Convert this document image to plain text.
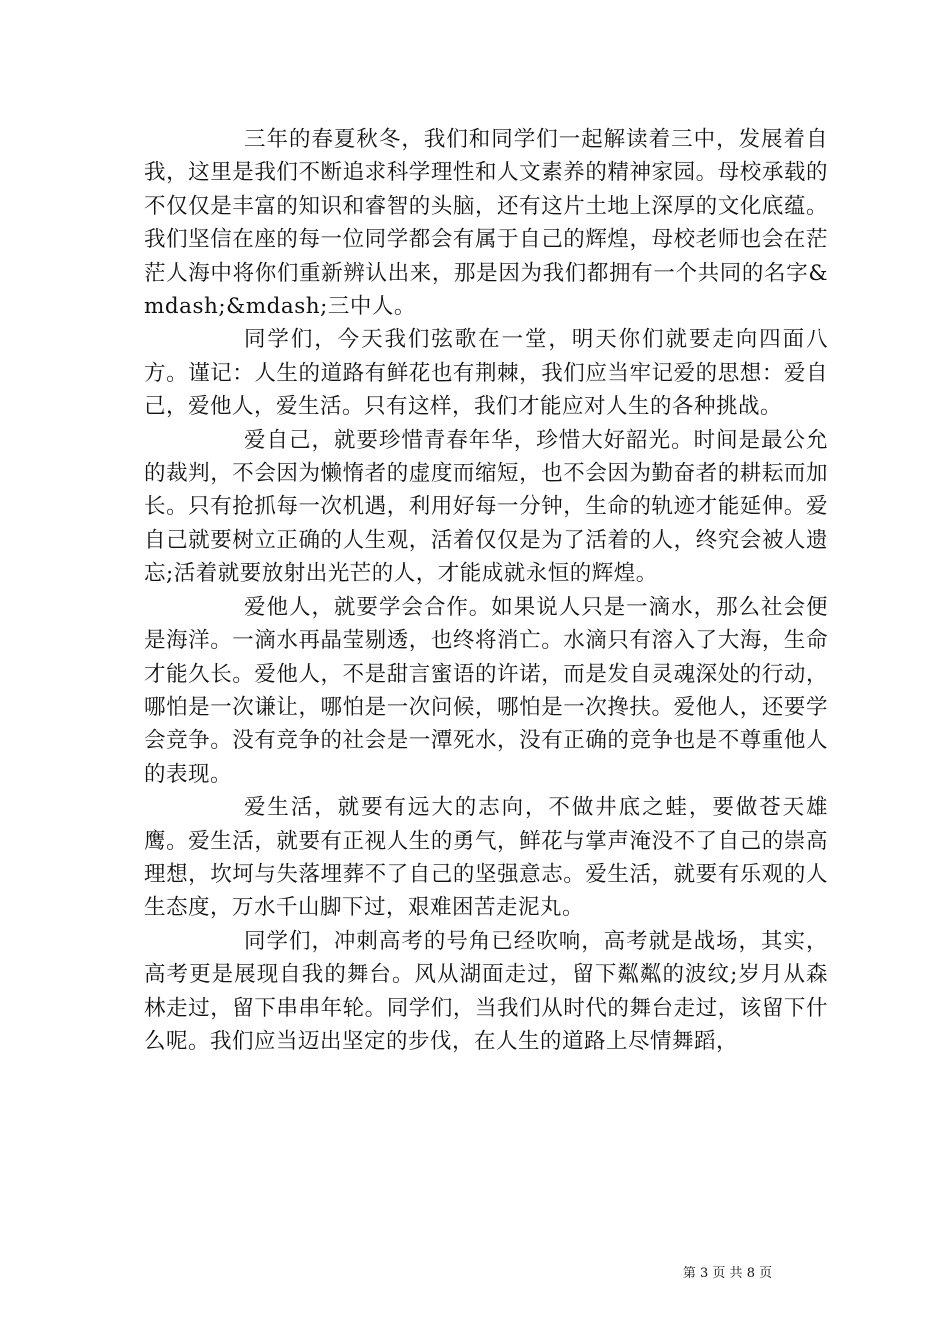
三年的春夏秋冬，我们和同学们一起解读着三中，发展着自我，这里是我们不断追求科学理性和人文素养的精神家园。母校承载的不仅仅是丰富的知识和睿智的头脑，还有这片土地上深厚的文化底蕴。我们坚信在座的每一位同学都会有属于自己的辉煌，母校老师也会在茫茫人海中将你们重新辨认出来，那是因为我们都拥有一个共同的名字&mdash;&mdash;三中人。

同学们，今天我们弦歌在一堂，明天你们就要走向四面八方。谨记：人生的道路有鲜花也有荆棘，我们应当牢记爱的思想：爱自己，爱他人，爱生活。只有这样，我们才能应对人生的各种挑战。

爱自己，就要珍惜青春年华，珍惜大好韶光。时间是最公允的裁判，不会因为懒惰者的虚度而缩短，也不会因为勤奋者的耕耘而加长。只有抢抓每一次机遇，利用好每一分钟，生命的轨迹才能延伸。爱自己就要树立正确的人生观，活着仅仅是为了活着的人，终究会被人遗忘;活着就要放射出光芒的人，才能成就永恒的辉煌。

爱他人，就要学会合作。如果说人只是一滴水，那么社会便是海洋。一滴水再晶莹剔透，也终将消亡。水滴只有溶入了大海，生命才能久长。爱他人，不是甜言蜜语的许诺，而是发自灵魂深处的行动，哪怕是一次谦让，哪怕是一次问候，哪怕是一次搀扶。爱他人，还要学会竞争。没有竞争的社会是一潭死水，没有正确的竞争也是不尊重他人的表现。

爱生活，就要有远大的志向，不做井底之蛙，要做苍天雄鹰。爱生活，就要有正视人生的勇气，鲜花与掌声淹没不了自己的崇高理想，坎坷与失落埋葬不了自己的坚强意志。爱生活，就要有乐观的人生态度，万水千山脚下过，艰难困苦走泥丸。

同学们，冲刺高考的号角已经吹响，高考就是战场，其实，高考更是展现自我的舞台。风从湖面走过，留下粼粼的波纹;岁月从森林走过，留下串串年轮。同学们，当我们从时代的舞台走过，该留下什么呢。我们应当迈出坚定的步伐，在人生的道路上尽情舞蹈，

第 3 页 共 8 页
